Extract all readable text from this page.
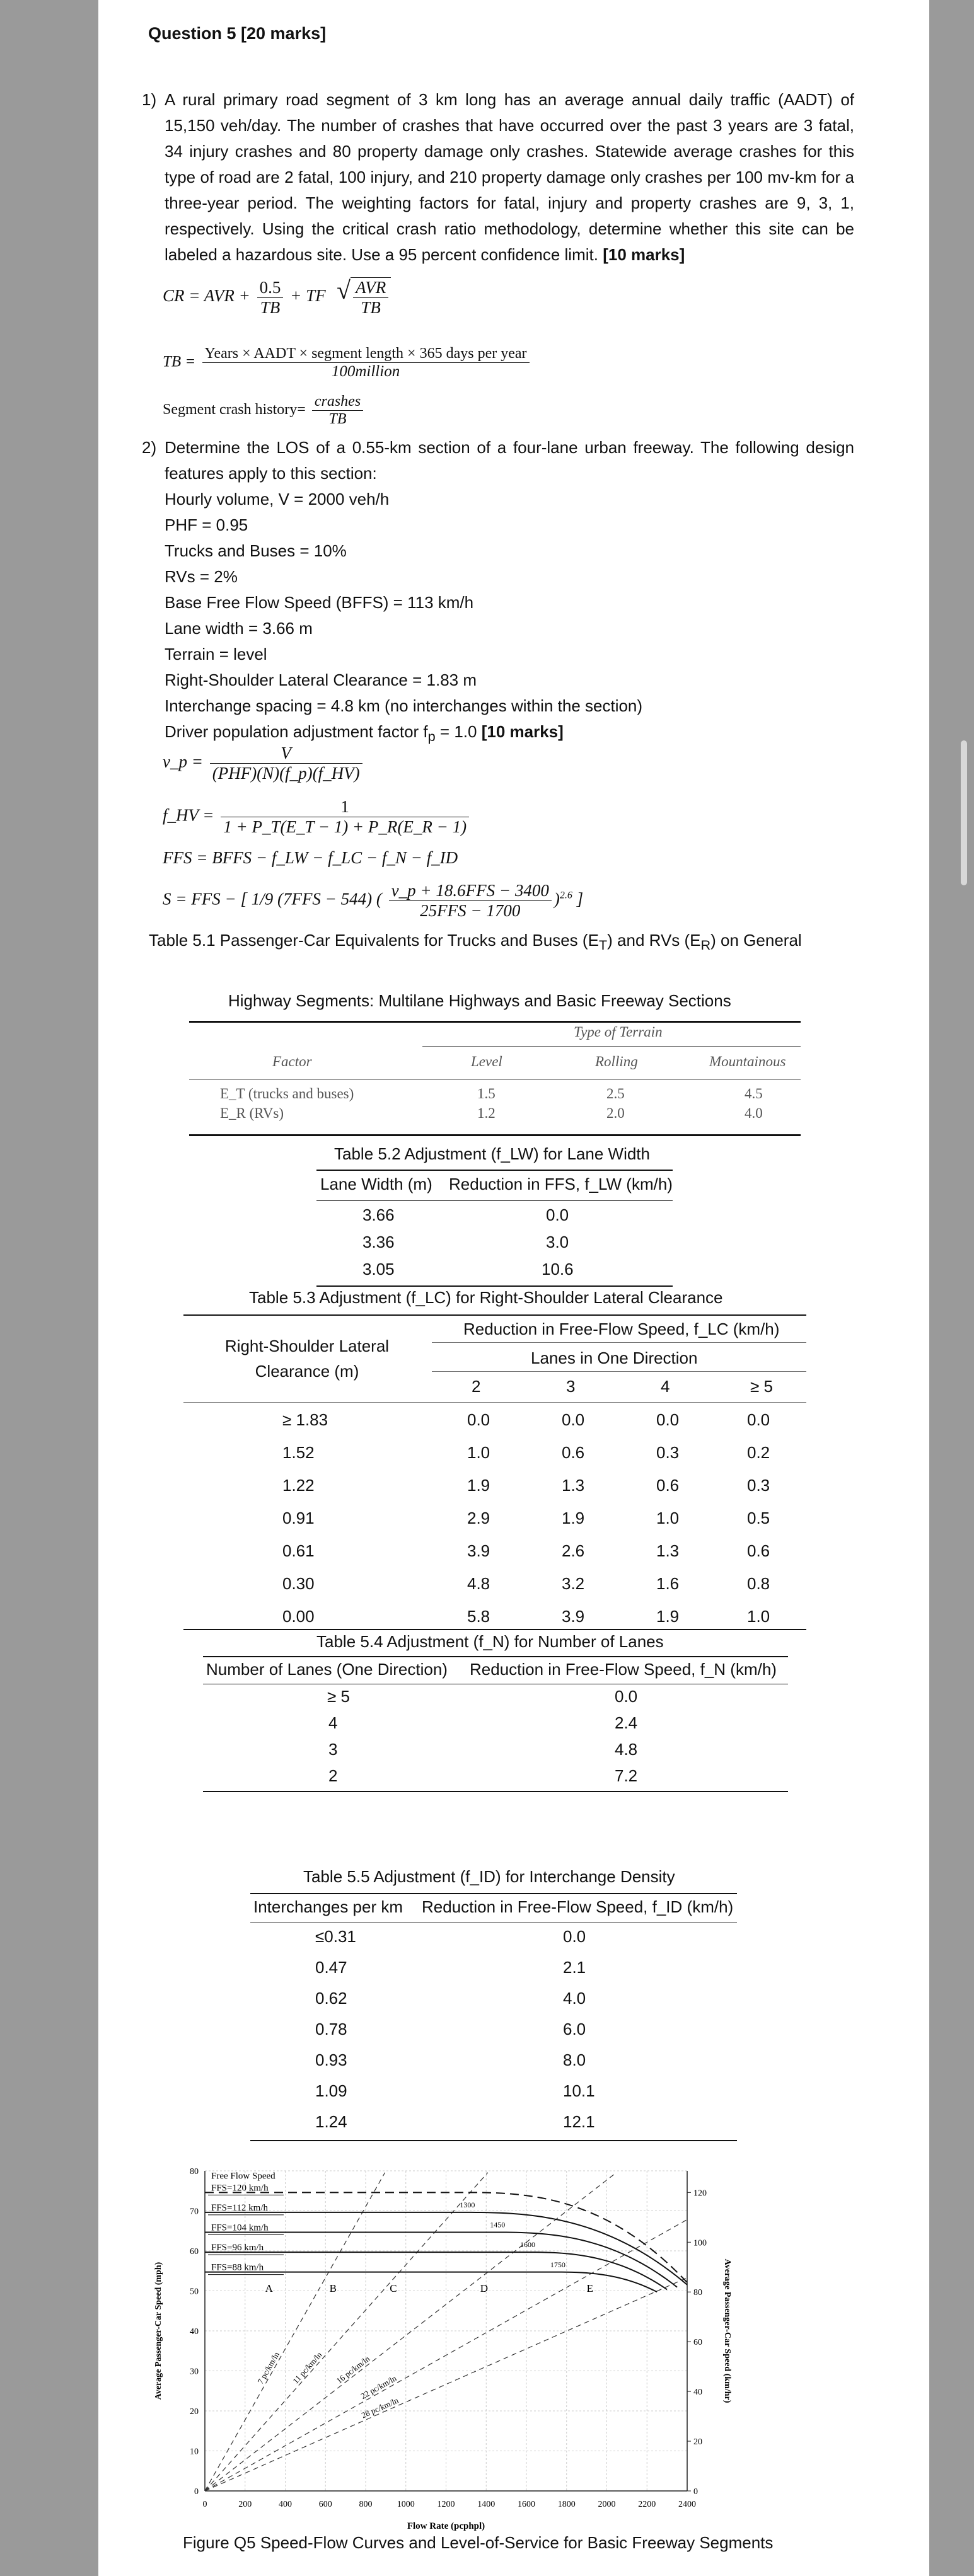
Question 5 [20 marks]
1) A rural primary road segment of 3 km long has an average annual daily traffic (AADT) of 15,150 veh/day. The number of crashes that have occurred over the past 3 years are 3 fatal, 34 injury crashes and 80 property damage only crashes. Statewide average crashes for this type of road are 2 fatal, 100 injury, and 210 property damage only crashes per 100 mv-km for a three-year period. The weighting factors for fatal, injury and property crashes are 9, 3, 1, respectively. Using the critical crash ratio methodology, determine whether this site can be labeled a hazardous site. Use a 95 percent confidence limit. [10 marks]
CR = AVR + $\frac{0.5}{TB}$ + TF
√ $\frac{\text{AVR}}{TB}$
TB = $\frac{\text{Years × AADT × segment length × 365 days per year}}{\text{100million}}$
Segment crash history= $\frac{\text{crashes}}{TB}$
2) Determine the LOS of a 0.55-km section of a four-lane urban freeway. The following design features apply to this section:
Hourly volume, V = 2000 veh/h
PHF = 0.95
Trucks and Buses = 10%
RVs = 2%
Base Free Flow Speed (BFFS) = 113 km/h
Lane width = 3.66 m
Terrain = level
Right-Shoulder Lateral Clearance = 1.83 m
Interchange spacing = 4.8 km (no interchanges within the section)
Driver population adjustment factor $f_p = 1.0$ [10 marks]
v_p = $\frac{V}{\text{(PHF)(N)(f\_p)(f\_HV)}}$
f_HV = $\frac{1}{1 + P\_T(E\_T - 1) + P\_R(E\_R - 1)}$
FFS = BFFS − f_LW − f_LC − f_N − f_ID
S = FFS − [ 1/9 (7FFS − 544) ( $\frac{\text{v\_p + 18.6FFS − 3400}}{\text{25FFS − 1700}} )^{2.6}$ ]
Table 5.1 Passenger-Car Equivalents for Trucks and Buses $(E_T)$ and RVs $(E_R)$ on General
Highway Segments: Multilane Highways and Basic Freeway Sections
Type of Terrain
Factor	Level	Rolling	Mountainous
E_T (trucks and buses)	1.5	2.5	4.5
E_R (RVs)	1.2	2.0	4.0
Table 5.2 Adjustment (f_LW) for Lane Width
Lane Width (m) Reduction in FFS, f_LW (km/h)
3.66	0.0
3.36	3.0
3.05	10.6
Table 5.3 Adjustment (f_LC) for Right-Shoulder Lateral Clearance
Right-Shoulder Lateral Clearance (m)
Reduction in Free-Flow Speed, f_LC (km/h)
Lanes in One Direction
2	3	4	≥ 5
≥ 1.83	0.0	0.0	0.0	0.0
1.52	1.0	0.6	0.3	0.2
1.22	1.9	1.3	0.6	0.3
0.91	2.9	1.9	1.0	0.5
0.61	3.9	2.6	1.3	0.6
0.30	4.8	3.2	1.6	0.8
0.00	5.8	3.9	1.9	1.0
Table 5.4 Adjustment (f_N) for Number of Lanes
Number of Lanes (One Direction) Reduction in Free-Flow Speed, f_N (km/h)
≥ 5	0.0
4	2.4
3	4.8
2	7.2
Table 5.5 Adjustment (f_ID) for Interchange Density
Interchanges per km Reduction in Free-Flow Speed, f_ID (km/h)
≤0.31	0.0
0.47	2.1
0.62	4.0
0.78	6.0
0.93	8.0
1.09	10.1
1.24	12.1
0	200	400	600	800	1000	1200	1400	1600	1800	2000	2200	2400
0
10
20
30
40
50
60
70
80
0
20
40
60
80
100
120
Flow Rate (pcphpl)
Average Passenger-Car Speed (mph)	Average Passenger-Car Speed (km/hr)
7 pc/km/ln 11 pc/km/ln 16 pc/km/ln
22 pc/km/ln
28 pc/km/ln
FFS=120 km/h
FFS=112 km/h
FFS=104 km/h
FFS=96 km/h
FFS=88 km/h
Free Flow Speed
1300
1450
1600
1750
A	B	C	D	E
Figure Q5 Speed-Flow Curves and Level-of-Service for Basic Freeway Segments
